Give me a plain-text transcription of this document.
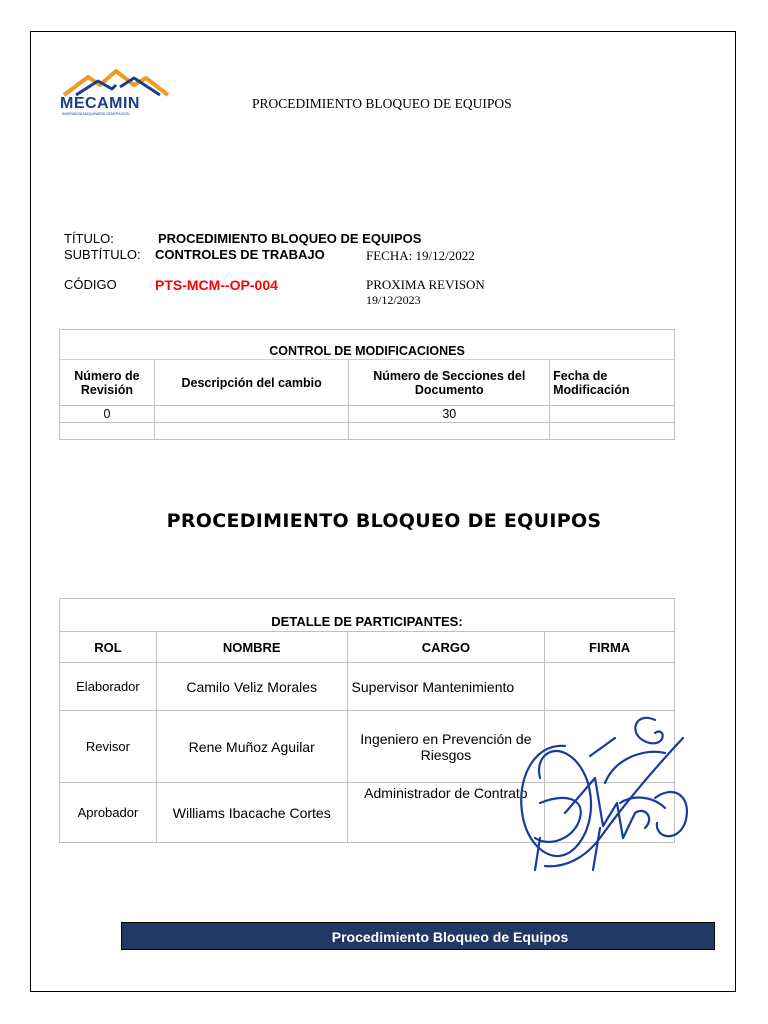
MECAMIN
INGENIERIA MAQUINARIA GENERACION
PROCEDIMIENTO BLOQUEO DE EQUIPOS
TÍTULO:	PROCEDIMIENTO BLOQUEO DE EQUIPOS
SUBTÍTULO: CONTROLES DE TRABAJO	FECHA: 19/12/2022
CÓDIGO	PTS-MCM--OP-004	PROXIMA REVISON
19/12/2023
CONTROL DE MODIFICACIONES			
Número de Revisión	Descripción del cambio	Número de Secciones del Documento	Fecha de Modificación
0		30	

PROCEDIMIENTO BLOQUEO DE EQUIPOS
DETALLE DE PARTICIPANTES:			
ROL	NOMBRE	CARGO	FIRMA
Elaborador	Camilo Veliz Morales	Supervisor Mantenimiento	
Revisor	Rene Muñoz Aguilar	Ingeniero en Prevención de Riesgos	
Aprobador	Williams Ibacache Cortes	Administrador de Contrato	
Procedimiento Bloqueo de Equipos
